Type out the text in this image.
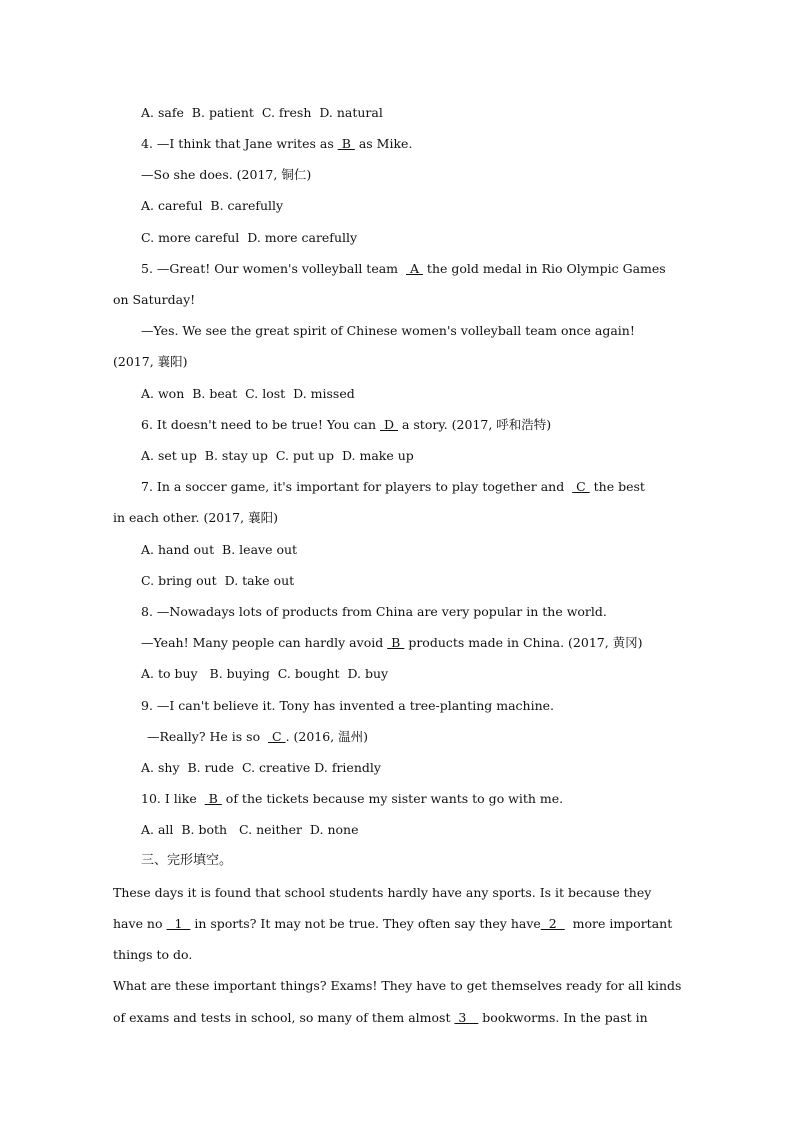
A. safe  B. patient  C. fresh  D. natural
4. —I think that Jane writes as  B  as Mike.
—So she does. (2017, 铜仁)
A. careful  B. carefully
C. more careful  D. more carefully
5. —Great! Our women's volleyball team   A  the gold medal in Rio Olympic Games
on Saturday!
—Yes. We see the great spirit of Chinese women's volleyball team once again!
(2017, 襄阳)
A. won  B. beat  C. lost  D. missed
6. It doesn't need to be true! You can  D  a story. (2017, 呼和浩特)
A. set up  B. stay up  C. put up  D. make up
7. In a soccer game, it's important for players to play together and   C  the best
in each other. (2017, 襄阳)
A. hand out  B. leave out
C. bring out  D. take out
8. —Nowadays lots of products from China are very popular in the world.
—Yeah! Many people can hardly avoid  B  products made in China. (2017, 黄冈)
A. to buy   B. buying  C. bought  D. buy
9. —I can't believe it. Tony has invented a tree-planting machine.
—Really? He is so   C . (2016, 温州)
A. shy  B. rude  C. creative D. friendly
10. I like   B  of the tickets because my sister wants to go with me.
A. all  B. both   C. neither  D. none
三、完形填空。
These days it is found that school students hardly have any sports. Is it because they
have no   1   in sports? It may not be true. They often say they have  2    more important
things to do.
What are these important things? Exams! They have to get themselves ready for all kinds
of exams and tests in school, so many of them almost  3    bookworms. In the past in
